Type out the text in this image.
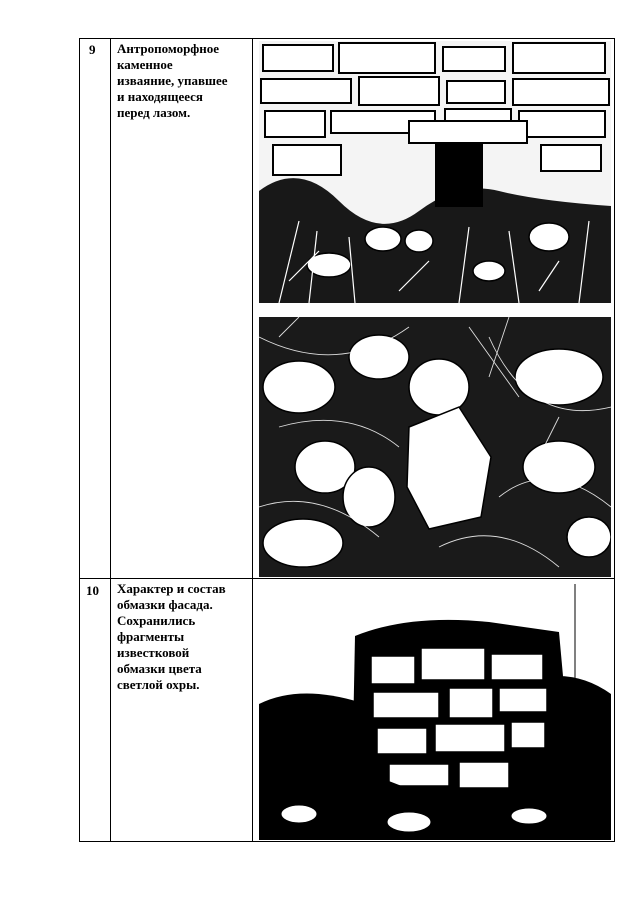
9 Антропоморфное
каменное
изваяние, упавшее
и находящееся
перед лазом.
10 Характер и состав
обмазки фасада.
Сохранились
фрагменты
известковой
обмазки цвета
светлой охры.
